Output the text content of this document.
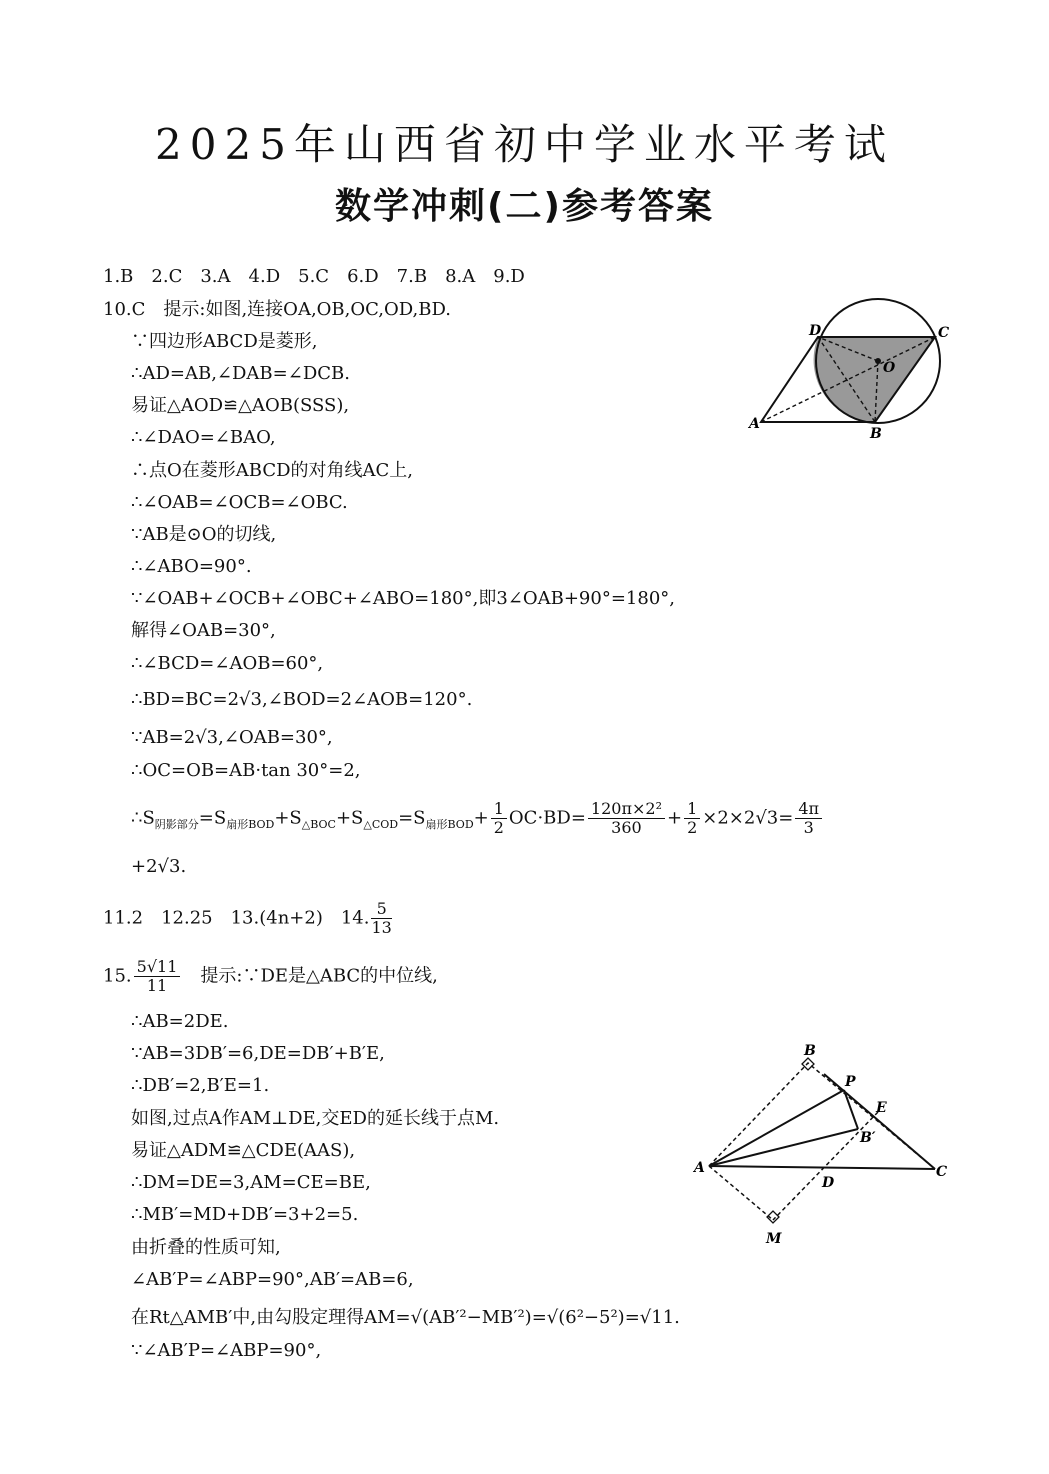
2025年山西省初中学业水平考试
数学冲刺(二)参考答案
1.B　2.C　3.A　4.D　5.C　6.D　7.B　8.A　9.D
10.C　提示:如图,连接OA,OB,OC,OD,BD.
∵四边形ABCD是菱形,
∴AD=AB,∠DAB=∠DCB.
易证△AOD≌△AOB(SSS),
∴∠DAO=∠BAO,
∴点O在菱形ABCD的对角线AC上,
∴∠OAB=∠OCB=∠OBC.
∵AB是⊙O的切线,
∴∠ABO=90°.
∵∠OAB+∠OCB+∠OBC+∠ABO=180°,即3∠OAB+90°=180°,
解得∠OAB=30°,
∴∠BCD=∠AOB=60°,
∴BD=BC=2√3,∠BOD=2∠AOB=120°.
∵AB=2√3,∠OAB=30°,
∴OC=OB=AB·tan 30°=2,
$\therefore S_{阴影部分}=S_{扇形BOD}+S_{\triangle BOC}+S_{\triangle COD}=S_{扇形BOD}+ \frac{1}{2} OC\cdot BD= \frac{\text{120π×2²}}{360} + \frac{1}{2} \times 2\times 2√3= \frac{4\pi}{3}$
+2√3.
11.2　12.25　13.(4n+2)　14. $\frac{5}{13}$
15. $\frac{5√11}{11}$
　 提示:∵DE是△ABC的中位线,
∴AB=2DE.
∵AB=3DB′=6,DE=DB′+B′E,
∴DB′=2,B′E=1.
如图,过点A作AM⊥DE,交ED的延长线于点M.
易证△ADM≌△CDE(AAS),
∴DM=DE=3,AM=CE=BE,
∴MB′=MD+DB′=3+2=5.
由折叠的性质可知,
∠AB′P=∠ABP=90°,AB′=AB=6,
在Rt△AMB′中,由勾股定理得AM=√(AB′²−MB′²)=√(6²−5²)=√11.
∵∠AB′P=∠ABP=90°,
A
B
C
D
O
A
B
C
D
E
P
B′
M
